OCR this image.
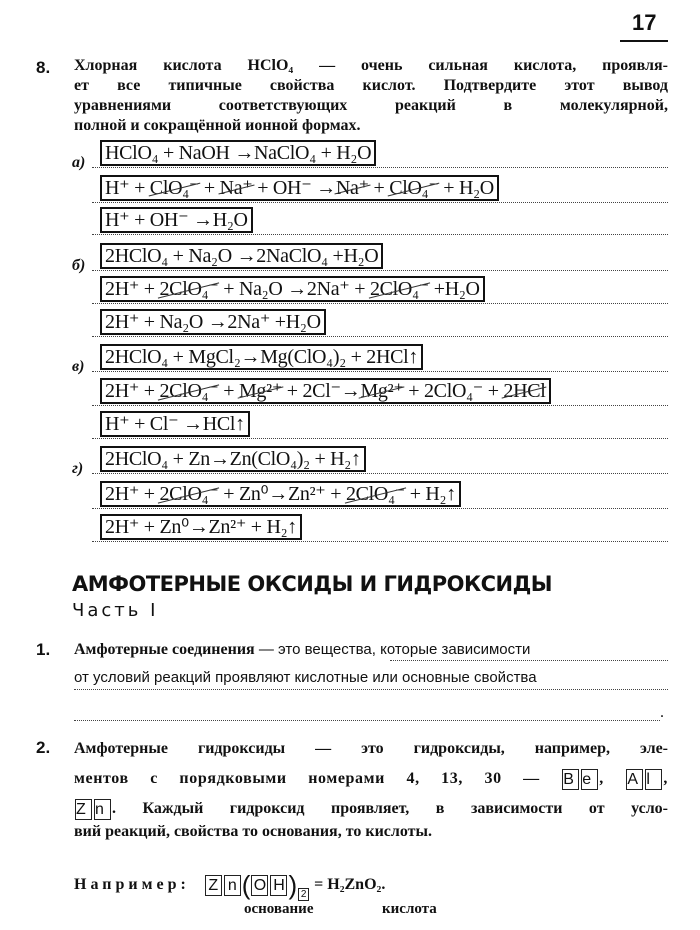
17
8. Хлорная кислота HClO₄ — очень сильная кислота, проявля-
ет все типичные свойства кислот. Подтвердите этот вывод
уравнениями соответствующих реакций в молекулярной,
полной и сокращённой ионной формах.
а) HClO₄ + NaOH →NaClO₄ + H₂O
H⁺ + ClO₄⁻ + Na⁺ + OH⁻ →Na⁺ + ClO₄⁻ + H₂O
H⁺ + OH⁻ →H₂O
б) 2HClO₄ + Na₂O →2NaClO₄ +H₂O
2H⁺ + 2ClO₄⁻ + Na₂O →2Na⁺ + 2ClO₄⁻ +H₂O
2H⁺ + Na₂O →2Na⁺ +H₂O
в) 2HClO₄ + MgCl₂→Mg(ClO₄)₂ + 2HCl↑
2H⁺ + 2ClO₄⁻ + Mg²⁺ + 2Cl⁻→Mg²⁺ + 2ClO₄⁻ + 2HCl
H⁺ + Cl⁻ →HCl↑
г) 2HClO₄ + Zn→Zn(ClO₄)₂ + H₂↑
2H⁺ + 2ClO₄⁻ + Zn⁰→Zn²⁺ + 2ClO₄⁻ + H₂↑
2H⁺ + Zn⁰→Zn²⁺ + H₂↑
АМФОТЕРНЫЕ ОКСИДЫ И ГИДРОКСИДЫ
Часть I
1. Амфотерные соединения — это вещества, которые зависимости
от условий реакций проявляют кислотные или основные свойства
.
2. Амфотерные гидроксиды — это гидроксиды, например, эле-
ментов с порядковыми номерами 4, 13, 30 — B e , A l ,
Z n . Каждый гидроксид проявляет, в зависимости от усло-
вий реакций, свойства то основания, то кислоты.
Например: Z n ( O H ) 2 = H₂ZnO₂.
основание	кислота
